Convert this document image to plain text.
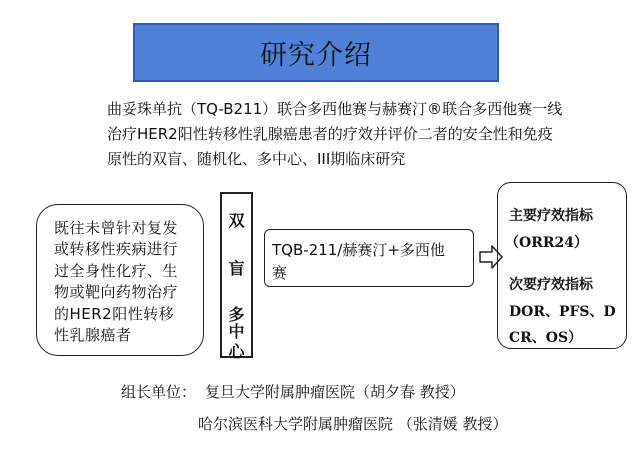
研究介绍
曲妥珠单抗（TQ-B211）联合多西他赛与赫赛汀®联合多西他赛一线
治疗HER2阳性转移性乳腺癌患者的疗效并评价二者的安全性和免疫
原性的双盲、随机化、多中心、III期临床研究
既往未曾针对复发
或转移性疾病进行
过全身性化疗、生
物或靶向药物治疗
的HER2阳性转移
性乳腺癌者
双
盲
多
中
心
TQB-211/赫赛汀+多西他
赛
主要疗效指标
（ORR24）
次要疗效指标
DOR、PFS、D
CR、OS）
组长单位： 复旦大学附属肿瘤医院（胡夕春 教授）
哈尔滨医科大学附属肿瘤医院 （张清媛 教授）
